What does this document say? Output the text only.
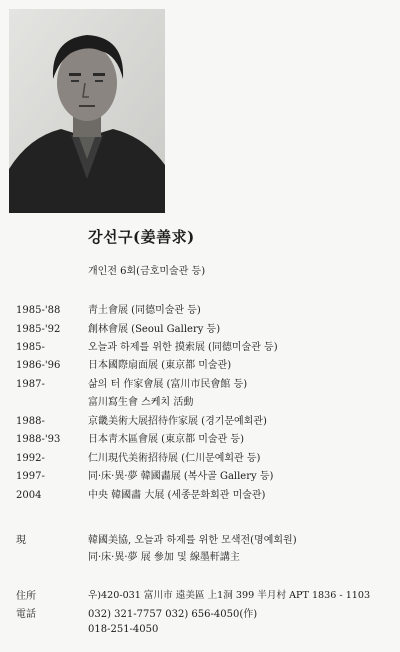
강선구(姜善求)
개인전 6회(금호미술관 등)
1985-'88	靑土會展 (同德미술관 등)
1985-'92	創林會展 (Seoul Gallery 등)
1985-	오늘과 하제를 위한 摸索展 (同德미술관 등)
1986-'96	日本國際扇面展 (東京都 미술관)
1987-	삶의 터 作家會展 (富川市民會館 등)
富川寫生會 스케치 活動
1988-	京畿美術大展招待作家展 (경기문예회관)
1988-'93	日本靑木區會展 (東京都 미술관 등)
1992-	仁川現代美術招待展 (仁川문예회관 등)
1997-	同·床·異·夢 韓國畵展 (복사골 Gallery 등)
2004	中央 韓國畵 大展 (세종문화회관 미술관)
現	韓國美協, 오늘과 하제를 위한 모색전(명예회원)
同·床·異·夢 展 參加 및 線墨軒講主
住所	우)420-031 富川市 遠美區 上1洞 399 半月村 APT 1836 - 1103
電話	032) 321-7757 032) 656-4050(作)
018-251-4050
